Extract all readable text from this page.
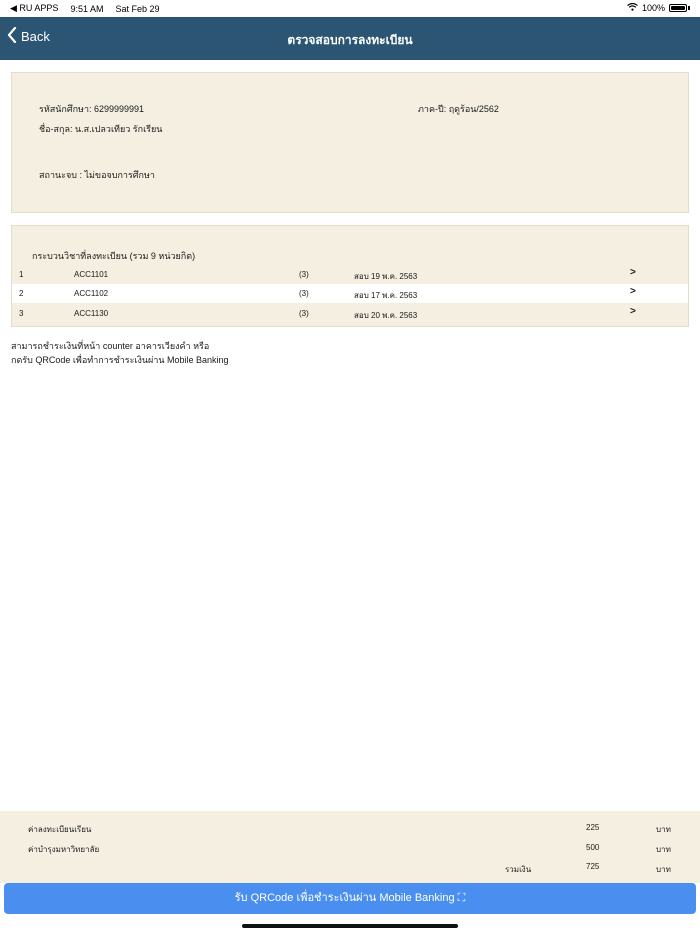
◀ RU APPS 9:51 AM Sat Feb 29	100%
Back	ตรวจสอบการลงทะเบียน
รหัสนักศึกษา: 6299999991	ภาค-ปี: ฤดูร้อน/2562
ชื่อ-สกุล: น.ส.เปลวเทียว รักเรียน
สถานะจบ : ไม่ขอจบการศึกษา
กระบวนวิชาที่ลงทะเบียน (รวม 9 หน่วยกิต)
1	ACC1101	(3)	สอบ 19 พ.ค. 2563	>
2	ACC1102	(3)	สอบ 17 พ.ค. 2563	>
3	ACC1130	(3)	สอบ 20 พ.ค. 2563	>
สามารถชำระเงินที่หน้า counter อาคารเวียงคำ หรือ
กดรับ QRCode เพื่อทำการชำระเงินผ่าน Mobile Banking
ค่าลงทะเบียนเรียน	225	บาท
ค่าบำรุงมหาวิทยาลัย	500	บาท
รวมเงิน	725	บาท
รับ QRCode เพื่อชำระเงินผ่าน Mobile Banking ⛶
